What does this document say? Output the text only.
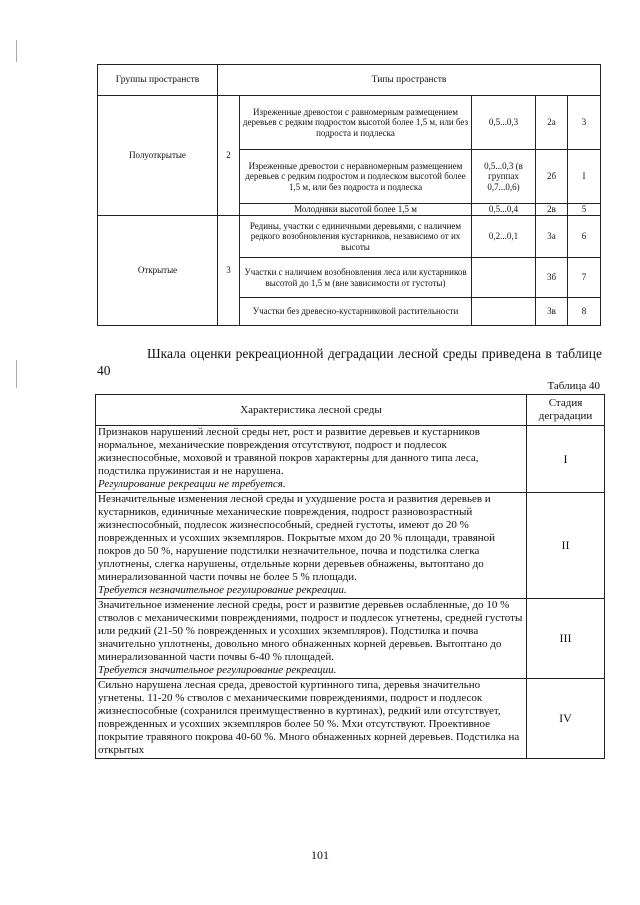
Группы пространств	Типы пространств				
Полуоткрытые	2	Изреженные древостои с равномерным размещением деревьев с редким подростом высотой более 1,5 м, или без подроста и подлеска	0,5...0,3	2а	3
		Изреженные древостои с неравномерным размещением деревьев с редким подростом и подлеском высотой более 1,5 м, или без подроста и подлеска	0,5...0,3 (в группах 0,7...0,6)	2б	I
		Молодняки высотой более 1,5 м	0,5...0,4	2в	5
Открытые	3	Редины, участки с единичными деревьями, с наличием редкого возобновления кустарников, независимо от их высоты	0,2...0,1	3а	6
		Участки с наличием возобновления леса или кустарников высотой до 1,5 м (вне зависимости от густоты)		3б	7
		Участки без древесно-кустарниковой растительности		3в	8
Шкала оценки рекреационной деградации лесной среды приведена в таблице 40
Таблица 40
Характеристика лесной среды	Стадия деградации
Признаков нарушений лесной среды нет, рост и развитие деревьев и кустарников нормальное, механические повреждения отсутствуют, подрост и подлесок жизнеспособные, моховой и травяной покров характерны для данного типа леса, подстилка пружинистая и не нарушена.
Регулирование рекреации не требуется.	I
Незначительные изменения лесной среды и ухудшение роста и развития деревьев и кустарников, единичные механические повреждения, подрост разновозрастный жизнеспособный, подлесок жизнеспособный, средней густоты, имеют до 20 % поврежденных и усохших экземпляров. Покрытые мхом до 20 % площади, травяной покров до 50 %, нарушение подстилки незначительное, почва и подстилка слегка уплотнены, слегка нарушены, отдельные корни деревьев обнажены, вытоптано до минерализованной части почвы не более 5 % площади.
Требуется незначительное регулирование рекреации.	II
Значительное изменение лесной среды, рост и развитие деревьев ослабленные, до 10 % стволов с механическими повреждениями, подрост и подлесок угнетены, средней густоты или редкий (21-50 % поврежденных и усохших экземпляров). Подстилка и почва значительно уплотнены, довольно много обнаженных корней деревьев. Вытоптано до минерализованной части почвы 6-40 % площадей.
Требуется значительное регулирование рекреации.	III
Сильно нарушена лесная среда, древостой куртинного типа, деревья значительно угнетены. 11-20 % стволов с механическими повреждениями, подрост и подлесок жизнеспособные (сохранился преимущественно в куртинах), редкий или отсутствует, поврежденных и усохших экземпляров более 50 %. Мхи отсутствуют. Проективное покрытие травяного покрова 40-60 %. Много обнаженных корней деревьев. Подстилка на открытых	IV
101
